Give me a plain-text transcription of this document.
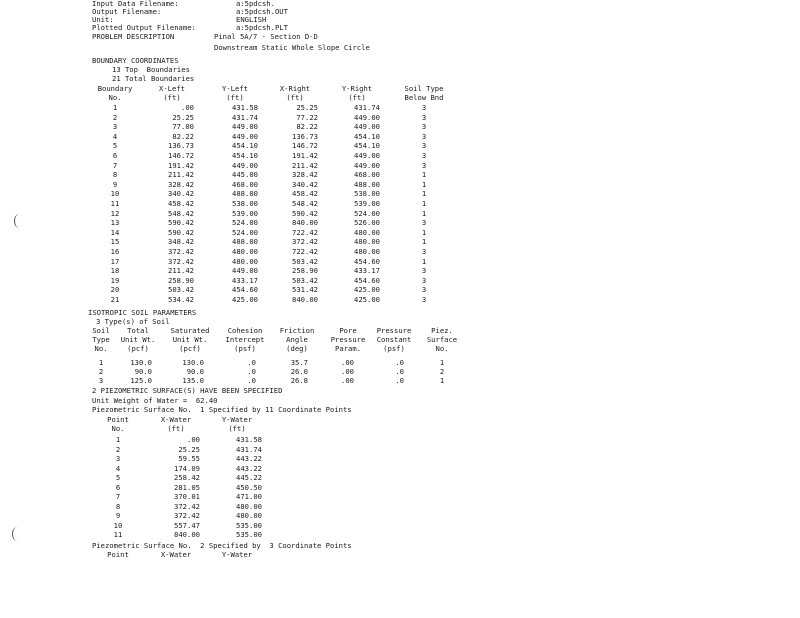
Input Data Filename:	a:5pdcsh.
Output Filename:	a:5pdcsh.OUT
Unit:	ENGLISH
Plotted Output Filename:	a:5pdcsh.PLT
PROBLEM DESCRIPTION	Pinal 5A/7 - Section D-D
Downstream Static Whole Slope Circle
BOUNDARY COORDINATES
13 Top  Boundaries
21 Total Boundaries
Boundary	X-Left	Y-Left	X-Right	Y-Right	Soil Type
No.	(ft)	(ft)	(ft)	(ft)	Below Bnd
1	.00	431.58	25.25	431.74	3
2	25.25	431.74	77.22	449.00	3
3	77.00	449.00	82.22	449.00	3
4	82.22	449.00	136.73	454.10	3
5	136.73	454.10	146.72	454.10	3
6	146.72	454.10	191.42	449.00	3
7	191.42	449.00	211.42	449.00	3
8	211.42	445.00	328.42	468.00	1
9	328.42	468.00	340.42	488.00	1
10	340.42	488.00	458.42	538.00	1
11	458.42	538.00	548.42	539.00	1
12	548.42	539.00	590.42	524.00	1
13	590.42	524.00	840.00	526.00	3
14	590.42	524.00	722.42	480.00	1
15	348.42	488.00	372.42	480.00	1
16	372.42	480.00	722.42	480.00	3
17	372.42	480.00	503.42	454.60	1
18	211.42	449.00	258.90	433.17	3
19	258.90	433.17	503.42	454.60	3
20	503.42	454.60	531.42	425.00	3
21	534.42	425.00	840.00	425.00	3
ISOTROPIC SOIL PARAMETERS
3 Type(s) of Soil
Soil	Total	Saturated	Cohesion	Friction	Pore	Pressure	Piez.
Type	Unit Wt.	Unit Wt.	Intercept	Angle	Pressure	Constant	Surface
No.	(pcf)	(pcf)	(psf)	(deg)	Param.	(psf)	No.
1	130.0	130.0	.0	35.7	.00	.0	1
2	90.0	90.0	.0	26.0	.00	.0	2
3	125.0	135.0	.0	26.8	.00	.0	1
2 PIEZOMETRIC SURFACE(S) HAVE BEEN SPECIFIED
Unit Weight of Water =  62.40
Piezometric Surface No.  1 Specified by 11 Coordinate Points
Point	X-Water	Y-Water
No.	(ft)	(ft)
1	.00	431.58
2	25.25	431.74
3	59.55	443.22
4	174.09	443.22
5	258.42	445.22
6	281.05	450.50
7	370.01	471.00
8	372.42	480.00
9	372.42	480.00
10	557.47	535.00
11	840.00	535.00
Piezometric Surface No.  2 Specified by  3 Coordinate Points
Point	X-Water	Y-Water
